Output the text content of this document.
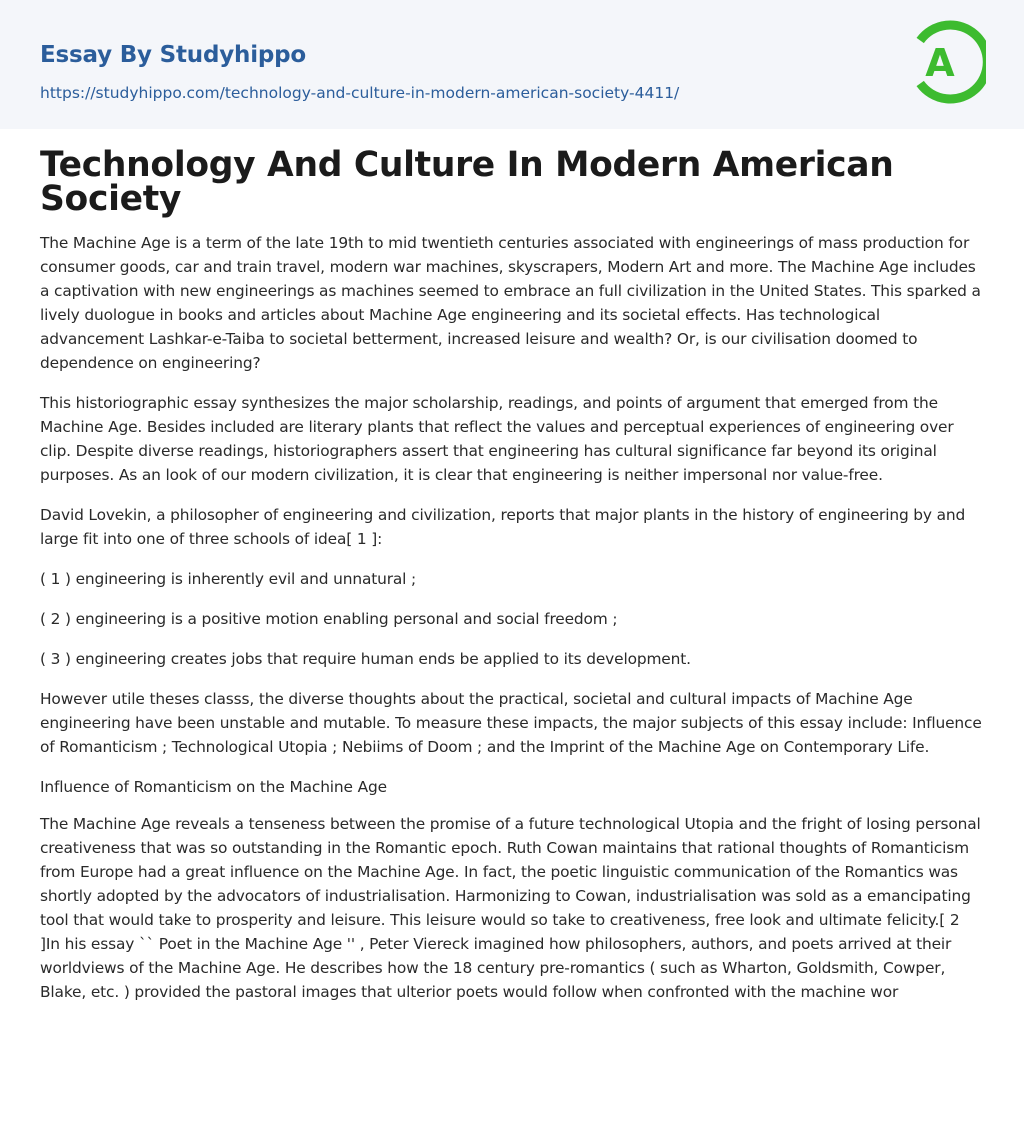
Essay By Studyhippo
https://studyhippo.com/technology-and-culture-in-modern-american-society-4411/
A
Technology And Culture In Modern American Society

The Machine Age is a term of the late 19th to mid twentieth centuries associated with engineerings of mass production for consumer goods, car and train travel, modern war machines, skyscrapers, Modern Art and more. The Machine Age includes a captivation with new engineerings as machines seemed to embrace an full civilization in the United States. This sparked a lively duologue in books and articles about Machine Age engineering and its societal effects. Has technological advancement Lashkar-e-Taiba to societal betterment, increased leisure and wealth? Or, is our civilisation doomed to dependence on engineering?

This historiographic essay synthesizes the major scholarship, readings, and points of argument that emerged from the Machine Age. Besides included are literary plants that reflect the values and perceptual experiences of engineering over clip. Despite diverse readings, historiographers assert that engineering has cultural significance far beyond its original purposes. As an look of our modern civilization, it is clear that engineering is neither impersonal nor value-free.

David Lovekin, a philosopher of engineering and civilization, reports that major plants in the history of engineering by and large fit into one of three schools of idea[ 1 ]:

( 1 ) engineering is inherently evil and unnatural ;

( 2 ) engineering is a positive motion enabling personal and social freedom ;

( 3 ) engineering creates jobs that require human ends be applied to its development.

However utile theses classs, the diverse thoughts about the practical, societal and cultural impacts of Machine Age engineering have been unstable and mutable. To measure these impacts, the major subjects of this essay include: Influence of Romanticism ; Technological Utopia ; Nebiims of Doom ; and the Imprint of the Machine Age on Contemporary Life.

Influence of Romanticism on the Machine Age

The Machine Age reveals a tenseness between the promise of a future technological Utopia and the fright of losing personal creativeness that was so outstanding in the Romantic epoch. Ruth Cowan maintains that rational thoughts of Romanticism from Europe had a great influence on the Machine Age. In fact, the poetic linguistic communication of the Romantics was shortly adopted by the advocators of industrialisation. Harmonizing to Cowan, industrialisation was sold as a emancipating tool that would take to prosperity and leisure. This leisure would so take to creativeness, free look and ultimate felicity.[ 2 ]In his essay `` Poet in the Machine Age '' , Peter Viereck imagined how philosophers, authors, and poets arrived at their worldviews of the Machine Age. He describes how the 18 century pre-romantics ( such as Wharton, Goldsmith, Cowper, Blake, etc. ) provided the pastoral images that ulterior poets would follow when confronted with the machine wor
